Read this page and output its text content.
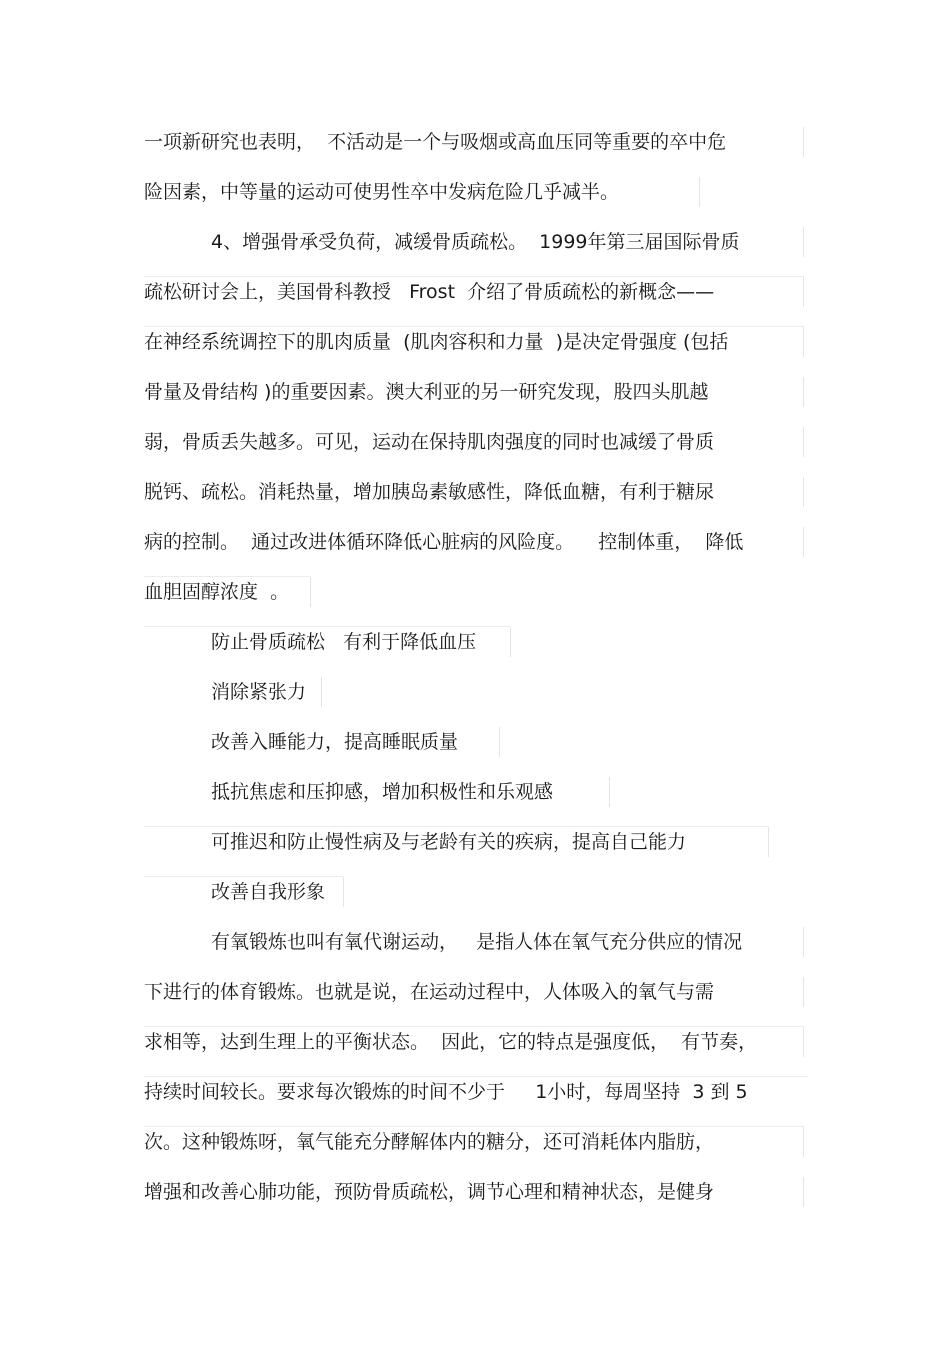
一项新研究也表明，  不活动是一个与吸烟或高血压同等重要的卒中危
险因素，中等量的运动可使男性卒中发病危险几乎减半。
4、增强骨承受负荷，减缓骨质疏松。  1999年第三届国际骨质
疏松研讨会上，美国骨科教授   Frost  介绍了骨质疏松的新概念——
在神经系统调控下的肌肉质量  (肌肉容积和力量  )是决定骨强度 (包括
骨量及骨结构 )的重要因素。澳大利亚的另一研究发现，股四头肌越
弱，骨质丢失越多。可见，运动在保持肌肉强度的同时也减缓了骨质
脱钙、疏松。消耗热量，增加胰岛素敏感性，降低血糖，有利于糖尿
病的控制。  通过改进体循环降低心脏病的风险度。    控制体重，  降低
血胆固醇浓度  。
防止骨质疏松   有利于降低血压
消除紧张力
改善入睡能力，提高睡眠质量
抵抗焦虑和压抑感，增加积极性和乐观感
可推迟和防止慢性病及与老龄有关的疾病，提高自己能力
改善自我形象
有氧锻炼也叫有氧代谢运动，   是指人体在氧气充分供应的情况
下进行的体育锻炼。也就是说，在运动过程中，人体吸入的氧气与需
求相等，达到生理上的平衡状态。  因此，它的特点是强度低，  有节奏，
持续时间较长。要求每次锻炼的时间不少于     1小时，每周坚持  3 到 5
次。这种锻炼呀，氧气能充分酵解体内的糖分，还可消耗体内脂肪，
增强和改善心肺功能，预防骨质疏松，调节心理和精神状态，是健身
